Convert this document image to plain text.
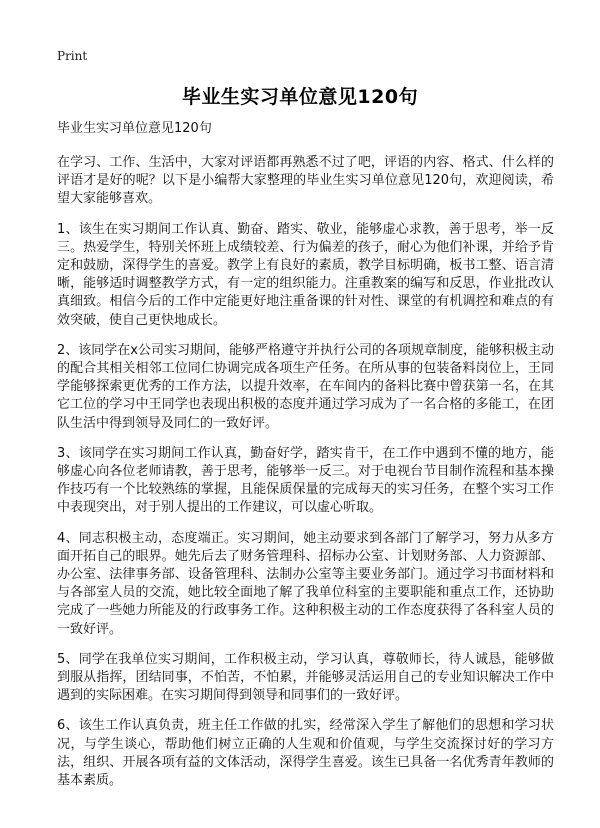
Print
毕业生实习单位意见120句

毕业生实习单位意见120句

在学习、工作、生活中，大家对评语都再熟悉不过了吧，评语的内容、格式、什么样的评语才是好的呢？以下是小编帮大家整理的毕业生实习单位意见120句，欢迎阅读，希望大家能够喜欢。

1、该生在实习期间工作认真、勤奋、踏实、敬业，能够虚心求教，善于思考，举一反三。热爱学生，特别关怀班上成绩较差、行为偏差的孩子，耐心为他们补课，并给予肯定和鼓励，深得学生的喜爱。教学上有良好的素质，教学目标明确，板书工整、语言清晰，能够适时调整教学方式，有一定的组织能力。注重教案的编写和反思，作业批改认真细致。相信今后的工作中定能更好地注重备课的针对性、课堂的有机调控和难点的有效突破，使自己更快地成长。

2、该同学在x公司实习期间，能够严格遵守并执行公司的各项规章制度，能够积极主动的配合其相关相邻工位同仁协调完成各项生产任务。在所从事的包装备料岗位上，王同学能够探索更优秀的工作方法，以提升效率，在车间内的备料比赛中曾获第一名，在其它工位的学习中王同学也表现出积极的态度并通过学习成为了一名合格的多能工，在团队生活中得到领导及同仁的一致好评。

3、该同学在实习期间工作认真，勤奋好学，踏实肯干，在工作中遇到不懂的地方，能够虚心向各位老师请教，善于思考，能够举一反三。对于电视台节目制作流程和基本操作技巧有一个比较熟练的掌握，且能保质保量的完成每天的实习任务，在整个实习工作中表现突出，对于别人提出的工作建议，可以虚心听取。

4、同志积极主动，态度端正。实习期间，她主动要求到各部门了解学习，努力从多方面开拓自己的眼界。她先后去了财务管理科、招标办公室、计划财务部、人力资源部、办公室、法律事务部、设备管理科、法制办公室等主要业务部门。通过学习书面材料和与各部室人员的交流，她比较全面地了解了我单位科室的主要职能和重点工作，还协助完成了一些她力所能及的行政事务工作。这种积极主动的工作态度获得了各科室人员的一致好评。

5、同学在我单位实习期间，工作积极主动，学习认真，尊敬师长，待人诚恳，能够做到服从指挥，团结同事，不怕苦，不怕累，并能够灵活运用自己的专业知识解决工作中遇到的实际困难。在实习期间得到领导和同事们的一致好评。

6、该生工作认真负责，班主任工作做的扎实，经常深入学生了解他们的思想和学习状况，与学生谈心，帮助他们树立正确的人生观和价值观，与学生交流探讨好的学习方法，组织、开展各项有益的文体活动，深得学生喜爱。该生已具备一名优秀青年教师的基本素质。
